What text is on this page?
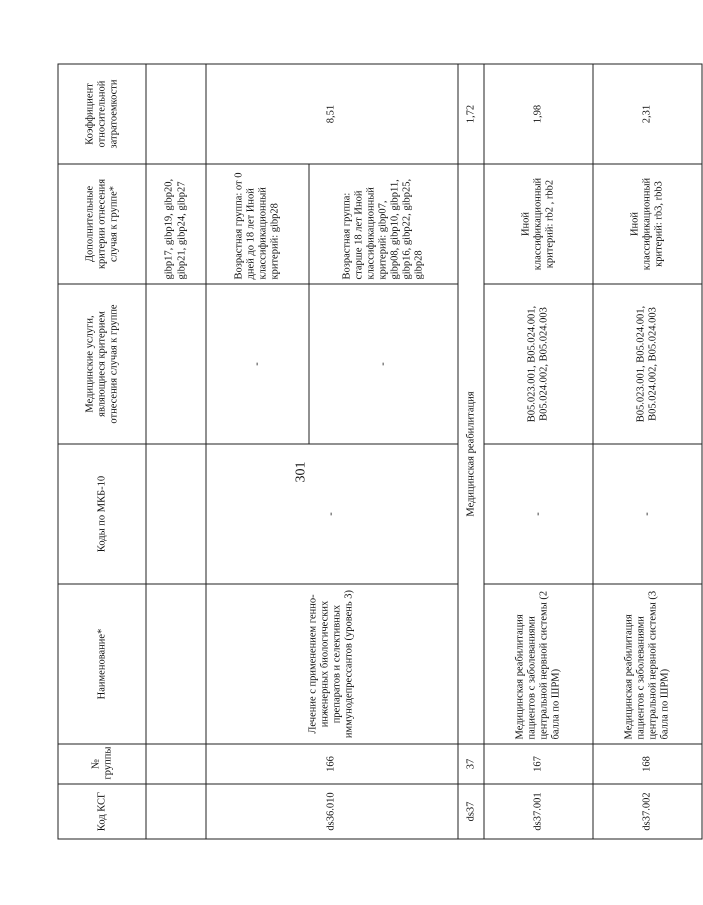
301
Код КСГ	№ группы	Наименование*	Коды по МКБ-10	Медицинские услуги, являющиеся критерием отнесения случая к группе	Дополнительные критерии отнесения случая к группе*	Коэффициент относительной затратоемкости
					gibp17, gibp19, gibp20, gibp21, gibp24, gibp27	
ds36.010	166	Лечение с применением генно-инженерных биологических препаратов и селективных иммунодепрессантов (уровень 3)	-	-	Возрастная группа: от 0 дней до 18 лет Иной классификационный критерий: gibp28	8,51
				-	Возрастная группа: старше 18 лет Иной классификационный критерий: gibp07, gibp08, gibp10, gibp11, gibp16, gibp22, gibp25, gibp28	
ds37	37	Медицинская реабилитация				1,72
ds37.001	167	Медицинская реабилитация пациентов с заболеваниями центральной нервной системы (2 балла по ШРМ)	-	B05.023.001, B05.024.001, B05.024.002, B05.024.003	Иной классификационный критерий: rb2 , rbb2	1,98
ds37.002	168	Медицинская реабилитация пациентов с заболеваниями центральной нервной системы (3 балла по ШРМ)	-	B05.023.001, B05.024.001, B05.024.002, B05.024.003	Иной классификационный критерий: rb3, rbb3	2,31
